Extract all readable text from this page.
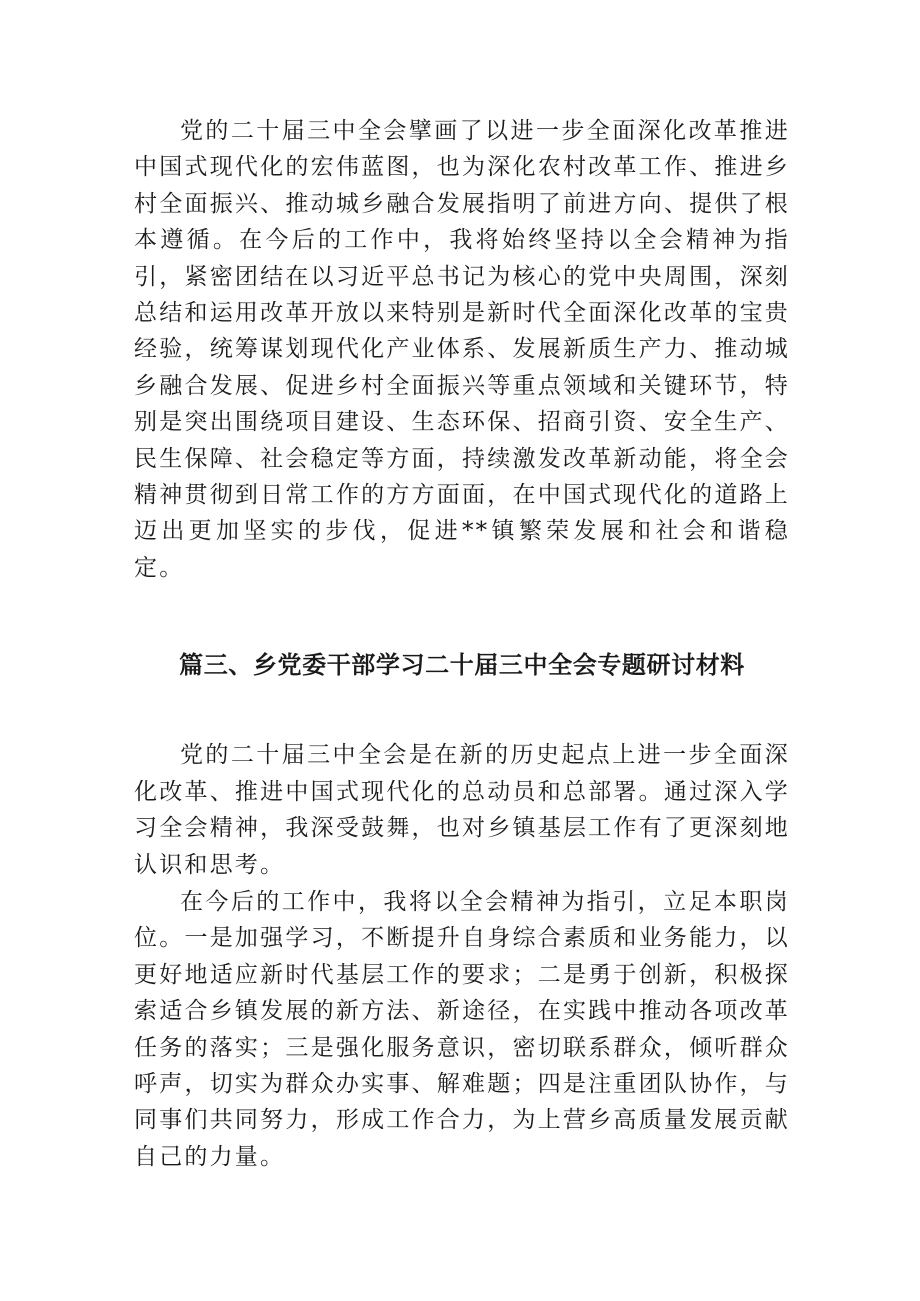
党的二十届三中全会擘画了以进一步全面深化改革推进中国式现代化的宏伟蓝图，也为深化农村改革工作、推进乡村全面振兴、推动城乡融合发展指明了前进方向、提供了根本遵循。在今后的工作中，我将始终坚持以全会精神为指引，紧密团结在以习近平总书记为核心的党中央周围，深刻总结和运用改革开放以来特别是新时代全面深化改革的宝贵经验，统筹谋划现代化产业体系、发展新质生产力、推动城乡融合发展、促进乡村全面振兴等重点领域和关键环节，特别是突出围绕项目建设、生态环保、招商引资、安全生产、民生保障、社会稳定等方面，持续激发改革新动能，将全会精神贯彻到日常工作的方方面面，在中国式现代化的道路上迈出更加坚实的步伐，促进**镇繁荣发展和社会和谐稳定。

篇三、乡党委干部学习二十届三中全会专题研讨材料

党的二十届三中全会是在新的历史起点上进一步全面深化改革、推进中国式现代化的总动员和总部署。通过深入学习全会精神，我深受鼓舞，也对乡镇基层工作有了更深刻地认识和思考。

在今后的工作中，我将以全会精神为指引，立足本职岗位。一是加强学习，不断提升自身综合素质和业务能力，以更好地适应新时代基层工作的要求；二是勇于创新，积极探索适合乡镇发展的新方法、新途径，在实践中推动各项改革任务的落实；三是强化服务意识，密切联系群众，倾听群众呼声，切实为群众办实事、解难题；四是注重团队协作，与同事们共同努力，形成工作合力，为上营乡高质量发展贡献自己的力量。
